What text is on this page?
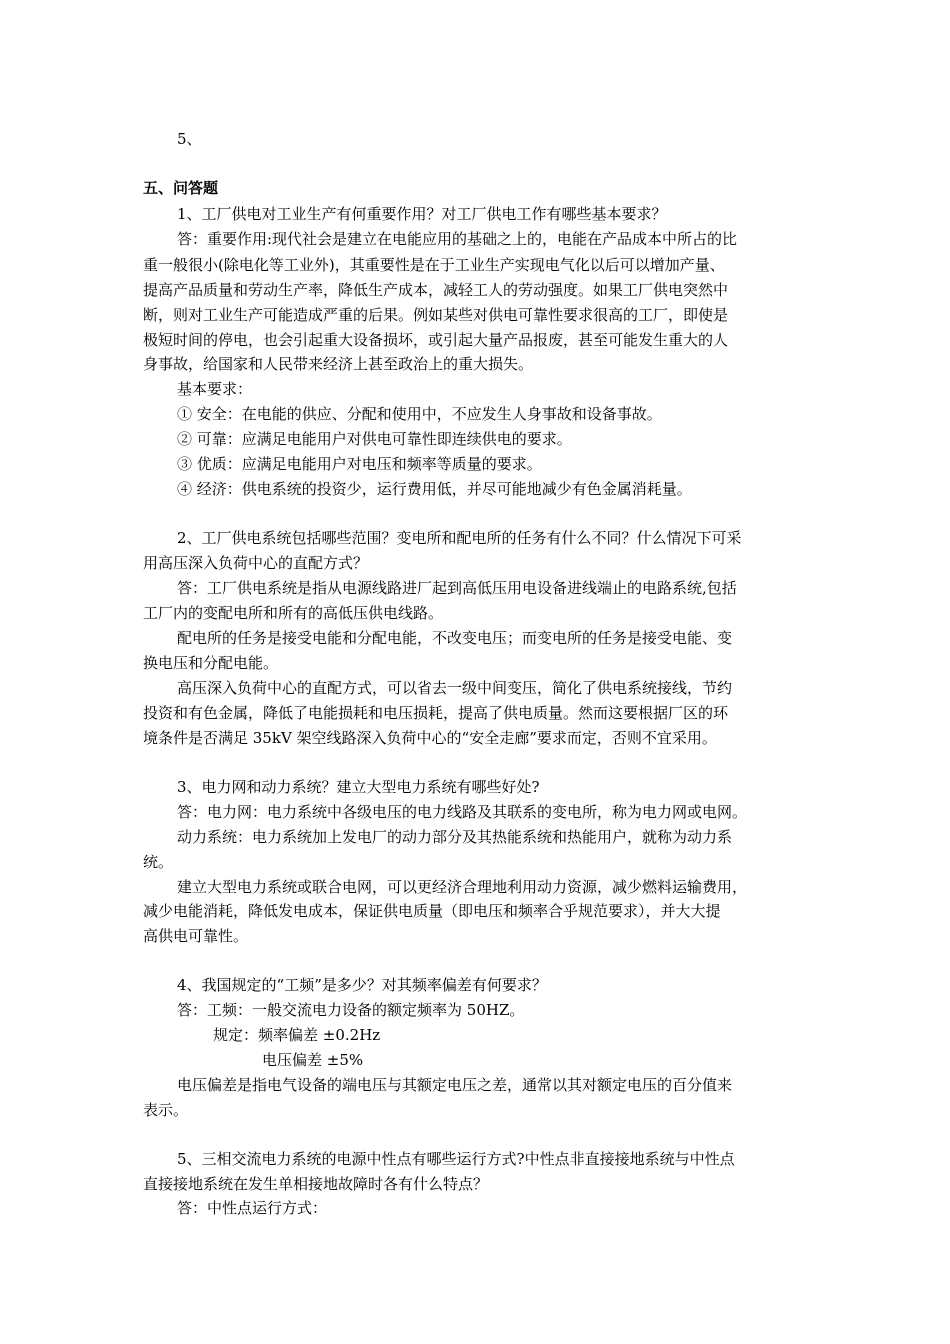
5、
五、问答题
1、工厂供电对工业生产有何重要作用？对工厂供电工作有哪些基本要求？
答：重要作用:现代社会是建立在电能应用的基础之上的，电能在产品成本中所占的比
重一般很小(除电化等工业外)，其重要性是在于工业生产实现电气化以后可以增加产量、
提高产品质量和劳动生产率，降低生产成本，减轻工人的劳动强度。如果工厂供电突然中
断，则对工业生产可能造成严重的后果。例如某些对供电可靠性要求很高的工厂，即使是
极短时间的停电，也会引起重大设备损坏，或引起大量产品报废，甚至可能发生重大的人
身事故，给国家和人民带来经济上甚至政治上的重大损失。
基本要求：
① 安全：在电能的供应、分配和使用中，不应发生人身事故和设备事故。
② 可靠：应满足电能用户对供电可靠性即连续供电的要求。
③ 优质：应满足电能用户对电压和频率等质量的要求。
④ 经济：供电系统的投资少，运行费用低，并尽可能地减少有色金属消耗量。
2、工厂供电系统包括哪些范围？变电所和配电所的任务有什么不同？什么情况下可采
用高压深入负荷中心的直配方式？
答：工厂供电系统是指从电源线路进厂起到高低压用电设备进线端止的电路系统,包括
工厂内的变配电所和所有的高低压供电线路。
配电所的任务是接受电能和分配电能，不改变电压；而变电所的任务是接受电能、变
换电压和分配电能。
高压深入负荷中心的直配方式，可以省去一级中间变压，简化了供电系统接线，节约
投资和有色金属，降低了电能损耗和电压损耗，提高了供电质量。然而这要根据厂区的环
境条件是否满足 35kV 架空线路深入负荷中心的“安全走廊”要求而定，否则不宜采用。
3、电力网和动力系统？建立大型电力系统有哪些好处?
答：电力网：电力系统中各级电压的电力线路及其联系的变电所，称为电力网或电网。
动力系统：电力系统加上发电厂的动力部分及其热能系统和热能用户，就称为动力系
统。
建立大型电力系统或联合电网，可以更经济合理地利用动力资源，减少燃料运输费用，
减少电能消耗，降低发电成本，保证供电质量（即电压和频率合乎规范要求），并大大提
高供电可靠性。
4、我国规定的“工频”是多少？对其频率偏差有何要求？
答：工频：一般交流电力设备的额定频率为 50HZ。
规定：频率偏差 ±0.2Hz
电压偏差 ±5%
电压偏差是指电气设备的端电压与其额定电压之差，通常以其对额定电压的百分值来
表示。
5、三相交流电力系统的电源中性点有哪些运行方式?中性点非直接接地系统与中性点
直接接地系统在发生单相接地故障时各有什么特点？
答：中性点运行方式：
